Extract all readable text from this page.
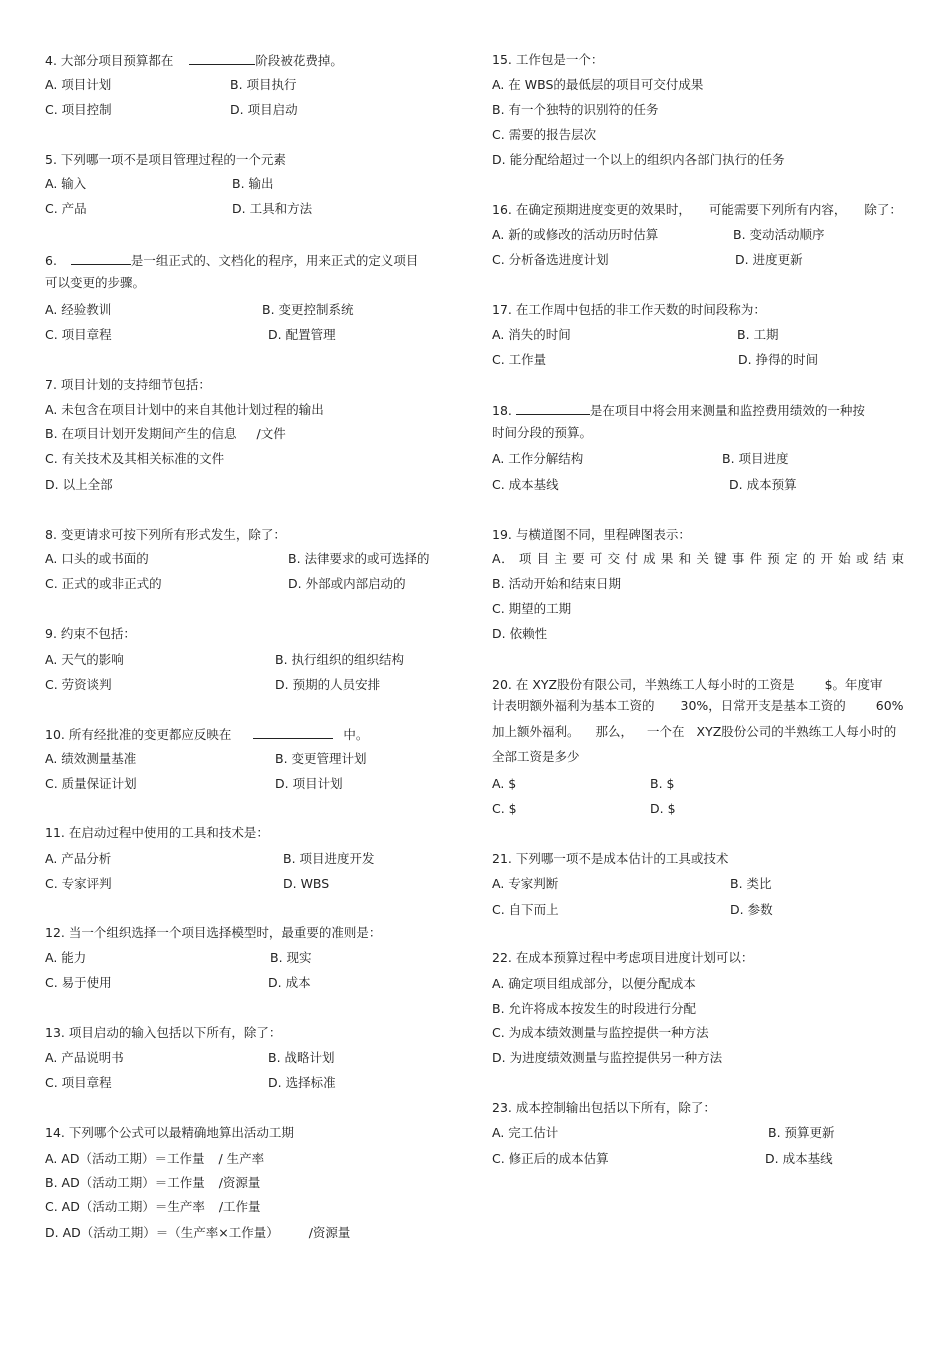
4. 大部分项目预算都在	阶段被花费掉。
A. 项目计划	B. 项目执行
C. 项目控制	D. 项目启动
5. 下列哪一项不是项目管理过程的一个元素
A. 输入	B. 输出
C. 产品	D. 工具和方法
6.	是一组正式的、文档化的程序，用来正式的定义项目
可以变更的步骤。
A. 经验教训	B. 变更控制系统
C. 项目章程	D. 配置管理
7. 项目计划的支持细节包括：
A. 未包含在项目计划中的来自其他计划过程的输出
B. 在项目计划开发期间产生的信息 /文件
C. 有关技术及其相关标准的文件
D. 以上全部
8. 变更请求可按下列所有形式发生，除了：
A. 口头的或书面的	B. 法律要求的或可选择的
C. 正式的或非正式的	D. 外部或内部启动的
9. 约束不包括：
A. 天气的影响	B. 执行组织的组织结构
C. 劳资谈判	D. 预期的人员安排
10. 所有经批准的变更都应反映在	中。
A. 绩效测量基准	B. 变更管理计划
C. 质量保证计划	D. 项目计划
11. 在启动过程中使用的工具和技术是：
A. 产品分析	B. 项目进度开发
C. 专家评判	D. WBS
12. 当一个组织选择一个项目选择模型时，最重要的准则是：
A. 能力	B. 现实
C. 易于使用	D. 成本
13. 项目启动的输入包括以下所有，除了：
A. 产品说明书	B. 战略计划
C. 项目章程	D. 选择标准
14. 下列哪个公式可以最精确地算出活动工期
A. AD（活动工期）＝工作量 / 生产率
B. AD（活动工期）＝工作量 /资源量
C. AD（活动工期）＝生产率 /工作量
D. AD（活动工期）＝（生产率×工作量） /资源量
15. 工作包是一个：
A. 在 WBS的最低层的项目可交付成果
B. 有一个独特的识别符的任务
C. 需要的报告层次
D. 能分配给超过一个以上的组织内各部门执行的任务
16. 在确定预期进度变更的效果时， 可能需要下列所有内容， 除了：
A. 新的或修改的活动历时估算	B. 变动活动顺序
C. 分析备选进度计划	D. 进度更新
17. 在工作周中包括的非工作天数的时间段称为：
A. 消失的时间	B. 工期
C. 工作量	D. 挣得的时间
18.	是在项目中将会用来测量和监控费用绩效的一种按
时间分段的预算。
A. 工作分解结构	B. 项目进度
C. 成本基线	D. 成本预算
19. 与横道图不同，里程碑图表示：
A． 项 目 主 要 可 交 付 成 果 和 关 键 事 件 预 定 的 开 始 或 结 束
B. 活动开始和结束日期
C. 期望的工期
D. 依赖性
20. 在 XYZ股份有限公司，半熟练工人每小时的工资是 $。年度审
计表明额外福利为基本工资的 30%，日常开支是基本工资的 60%
加上额外福利。 那么， 一个在 XYZ股份公司的半熟练工人每小时的
全部工资是多少
A. $	B. $
C. $	D. $
21. 下列哪一项不是成本估计的工具或技术
A. 专家判断	B. 类比
C. 自下而上	D. 参数
22. 在成本预算过程中考虑项目进度计划可以：
A. 确定项目组成部分，以便分配成本
B. 允许将成本按发生的时段进行分配
C. 为成本绩效测量与监控提供一种方法
D. 为进度绩效测量与监控提供另一种方法
23. 成本控制输出包括以下所有，除了：
A. 完工估计	B. 预算更新
C. 修正后的成本估算	D. 成本基线
